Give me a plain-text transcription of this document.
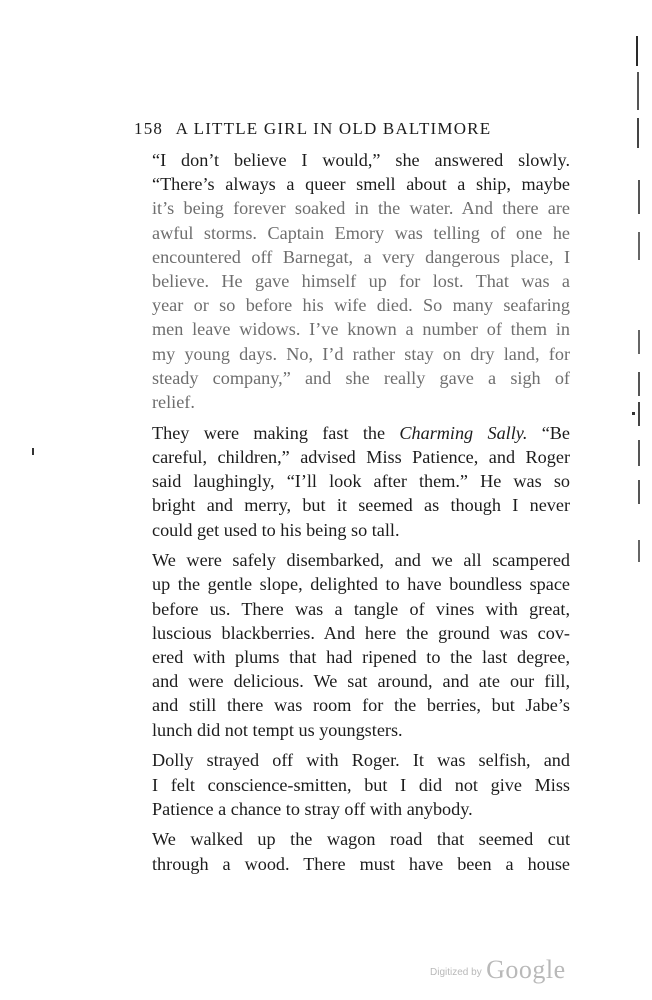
158 A LITTLE GIRL IN OLD BALTIMORE

“I don’t believe I would,” she answered slowly.
“There’s always a queer smell about a ship, maybe
it’s being forever soaked in the water. And there are
awful storms. Captain Emory was telling of one he
encountered off Barnegat, a very dangerous place, I
believe. He gave himself up for lost. That was a
year or so before his wife died. So many seafaring
men leave widows. I’ve known a number of them in
my young days. No, I’d rather stay on dry land, for
steady company,” and she really gave a sigh of
relief.

They were making fast the Charming Sally. “Be
careful, children,” advised Miss Patience, and Roger
said laughingly, “I’ll look after them.” He was so
bright and merry, but it seemed as though I never
could get used to his being so tall.

We were safely disembarked, and we all scampered
up the gentle slope, delighted to have boundless space
before us. There was a tangle of vines with great,
luscious blackberries. And here the ground was cov-
ered with plums that had ripened to the last degree,
and were delicious. We sat around, and ate our fill,
and still there was room for the berries, but Jabe’s
lunch did not tempt us youngsters.

Dolly strayed off with Roger. It was selfish, and
I felt conscience-smitten, but I did not give Miss
Patience a chance to stray off with anybody.

We walked up the wagon road that seemed cut
through a wood. There must have been a house

Digitized by Google
